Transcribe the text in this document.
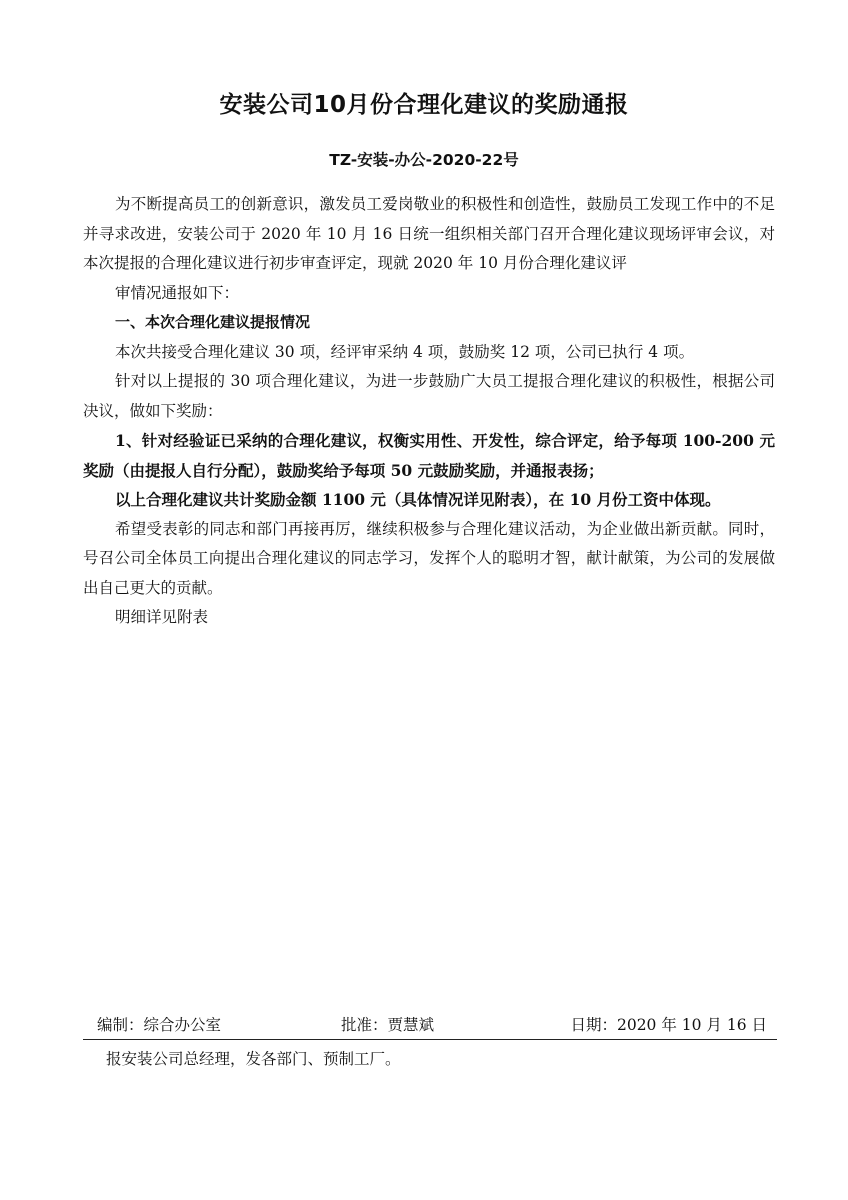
安装公司10月份合理化建议的奖励通报
TZ-安装-办公-2020-22号

为不断提高员工的创新意识，激发员工爱岗敬业的积极性和创造性，鼓励员工发现工作中的不足并寻求改进，安装公司于 2020 年 10 月 16 日统一组织相关部门召开合理化建议现场评审会议，对本次提报的合理化建议进行初步审查评定，现就 2020 年 10 月份合理化建议评

审情况通报如下：

一、本次合理化建议提报情况

本次共接受合理化建议 30 项，经评审采纳 4 项，鼓励奖 12 项，公司已执行 4 项。

针对以上提报的 30 项合理化建议，为进一步鼓励广大员工提报合理化建议的积极性，根据公司决议，做如下奖励：

1、针对经验证已采纳的合理化建议，权衡实用性、开发性，综合评定，给予每项 100-200 元奖励（由提报人自行分配），鼓励奖给予每项 50 元鼓励奖励，并通报表扬；

以上合理化建议共计奖励金额 1100 元（具体情况详见附表），在 10 月份工资中体现。

希望受表彰的同志和部门再接再厉，继续积极参与合理化建议活动，为企业做出新贡献。同时，号召公司全体员工向提出合理化建议的同志学习，发挥个人的聪明才智，献计献策，为公司的发展做出自己更大的贡献。

明细详见附表

编制：综合办公室	批准：贾慧斌	日期：2020 年 10 月 16 日
报安装公司总经理，发各部门、预制工厂。
